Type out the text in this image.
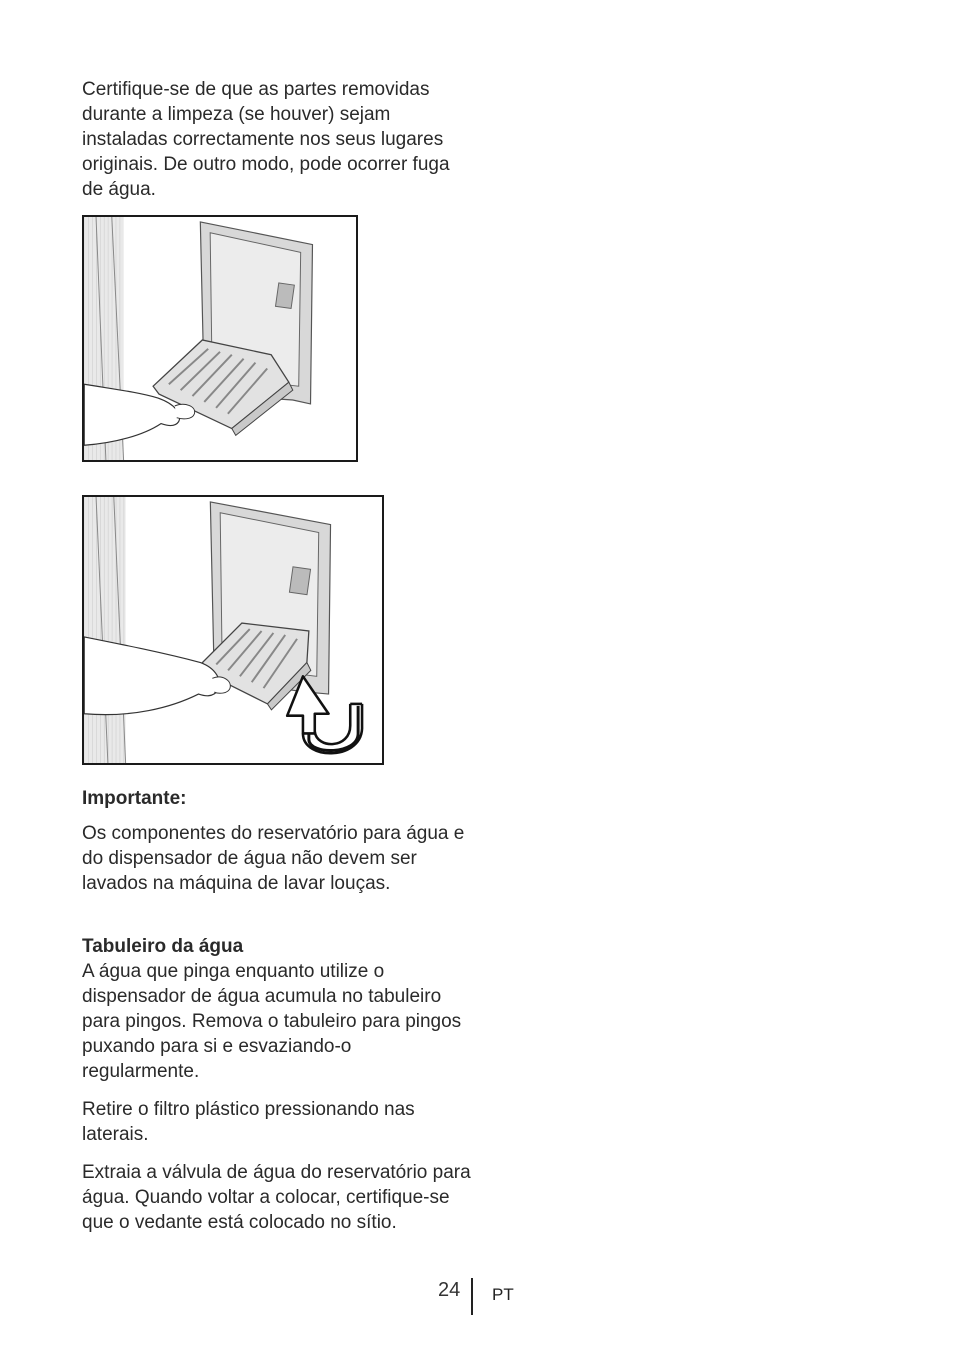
Certifique-se de que as partes removidas durante a limpeza (se houver) sejam instaladas correctamente nos seus lugares originais. De outro modo, pode ocorrer fuga de água.

Importante:

Os componentes do reservatório para água e do dispensador de água não devem ser lavados na máquina de lavar louças.

Tabuleiro da água

A água que pinga enquanto utilize o dispensador de água acumula no tabuleiro para pingos. Remova o tabuleiro para pingos puxando para si e esvaziando-o regularmente.

Retire o filtro plástico pressionando nas laterais.

Extraia a válvula de água do reservatório para água. Quando voltar a colocar, certifique-se que o vedante está colocado no sítio.

24 PT
